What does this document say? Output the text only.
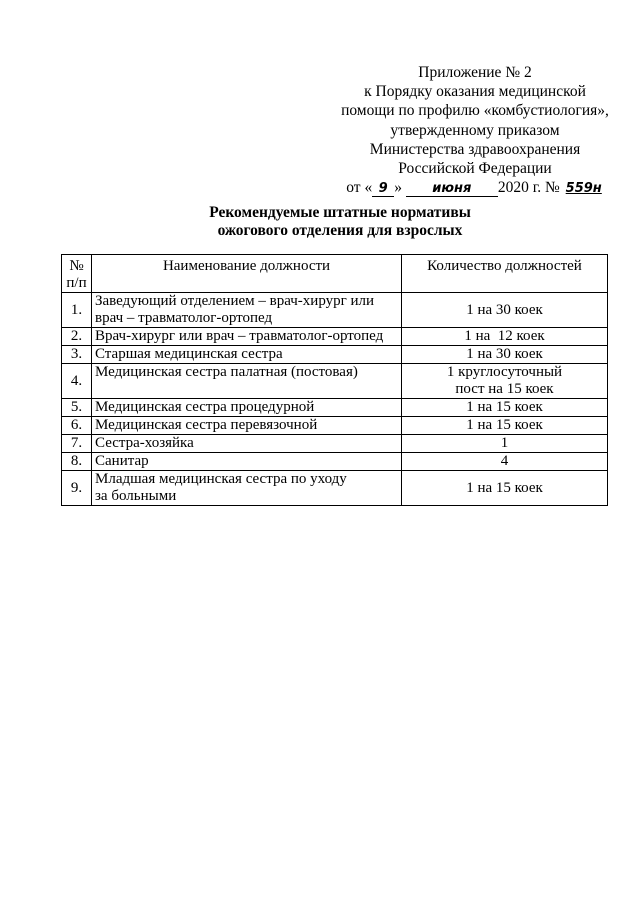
Приложение № 2
к Порядку оказания медицинской
помощи по профилю «комбустиология»,
утвержденному приказом
Министерства здравоохранения
Российской Федерации
от « 9 » июня 2020 г. № 559н
Рекомендуемые штатные нормативы
ожогового отделения для взрослых
№
п/п	Наименование должности	Количество должностей
1.	Заведующий отделением – врач-хирург или
врач – травматолог-ортопед	1 на 30 коек
2.	Врач-хирург или врач – травматолог-ортопед	1 на  12 коек
3.	Старшая медицинская сестра	1 на 30 коек
4.	Медицинская сестра палатная (постовая)	1 круглосуточный
пост на 15 коек
5.	Медицинская сестра процедурной	1 на 15 коек
6.	Медицинская сестра перевязочной	1 на 15 коек
7.	Сестра-хозяйка	1
8.	Санитар	4
9.	Младшая медицинская сестра по уходу
за больными	1 на 15 коек
